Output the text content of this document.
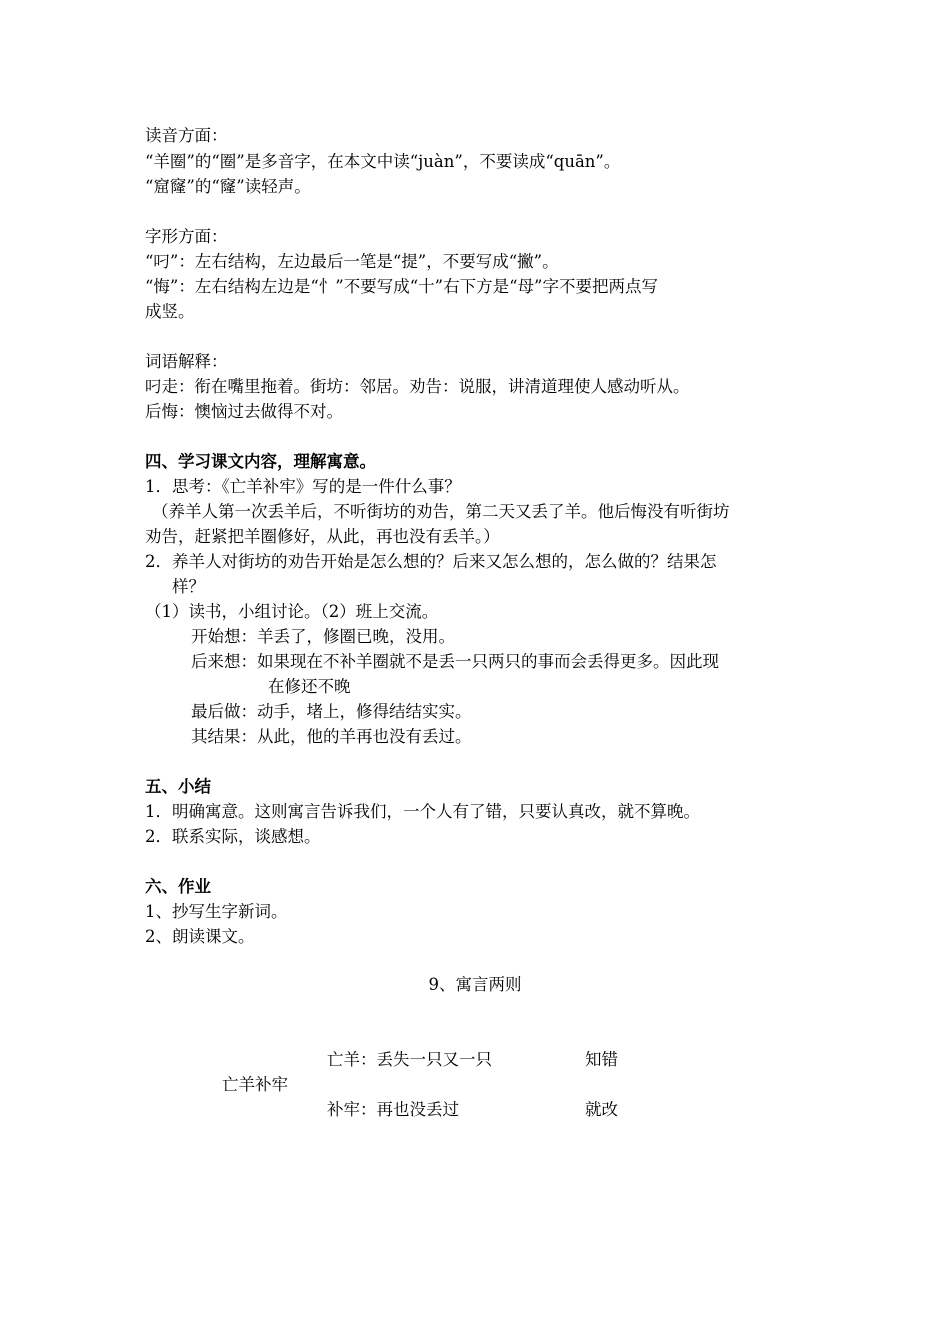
读音方面：
“羊圈”的“圈”是多音字，在本文中读“juàn”，不要读成“quān”。
“窟窿”的“窿”读轻声。
字形方面：
“叼”：左右结构，左边最后一笔是“提”，不要写成“撇”。
“悔”：左右结构左边是“忄”不要写成“十”右下方是“母”字不要把两点写
成竖。
词语解释：
叼走：衔在嘴里拖着。街坊：邻居。劝告：说服，讲清道理使人感动听从。
后悔：懊恼过去做得不对。
四、学习课文内容，理解寓意。
1．思考：《亡羊补牢》写的是一件什么事？
（养羊人第一次丢羊后，不听街坊的劝告，第二天又丢了羊。他后悔没有听街坊
劝告，赶紧把羊圈修好，从此，再也没有丢羊。）
2．养羊人对街坊的劝告开始是怎么想的？后来又怎么想的，怎么做的？结果怎
样？
（1）读书，小组讨论。（2）班上交流。
开始想：羊丢了，修圈已晚，没用。
后来想：如果现在不补羊圈就不是丢一只两只的事而会丢得更多。因此现
在修还不晚
最后做：动手，堵上，修得结结实实。
其结果：从此，他的羊再也没有丢过。
五、小结
1．明确寓意。这则寓言告诉我们，一个人有了错，只要认真改，就不算晚。
2．联系实际，谈感想。
六、作业
1、抄写生字新词。
2、朗读课文。
9、寓言两则
亡羊：丢失一只又一只	知错
亡羊补牢
补牢：再也没丢过	就改
